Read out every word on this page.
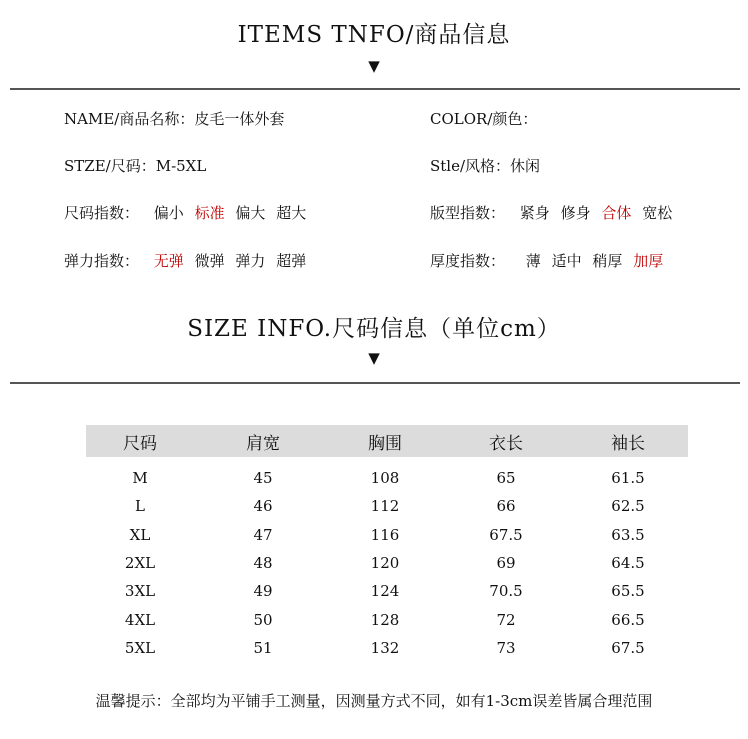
ITEMS TNFO/商品信息
▼
NAME/商品名称：皮毛一体外套	COLOR/颜色：
STZE/尺码：M-5XL	Stle/风格：休闲
尺码指数： 偏小 标准 偏大 超大	版型指数： 紧身 修身 合体 宽松
弹力指数： 无弹 微弹 弹力 超弹	厚度指数： 薄 适中 稍厚 加厚
SIZE INFO.尺码信息（单位cm）
▼
尺码	肩宽	胸围	衣长	袖长
M	45	108	65	61.5
L	46	112	66	62.5
XL	47	116	67.5	63.5
2XL	48	120	69	64.5
3XL	49	124	70.5	65.5
4XL	50	128	72	66.5
5XL	51	132	73	67.5
温馨提示：全部均为平铺手工测量，因测量方式不同，如有1-3cm误差皆属合理范围
